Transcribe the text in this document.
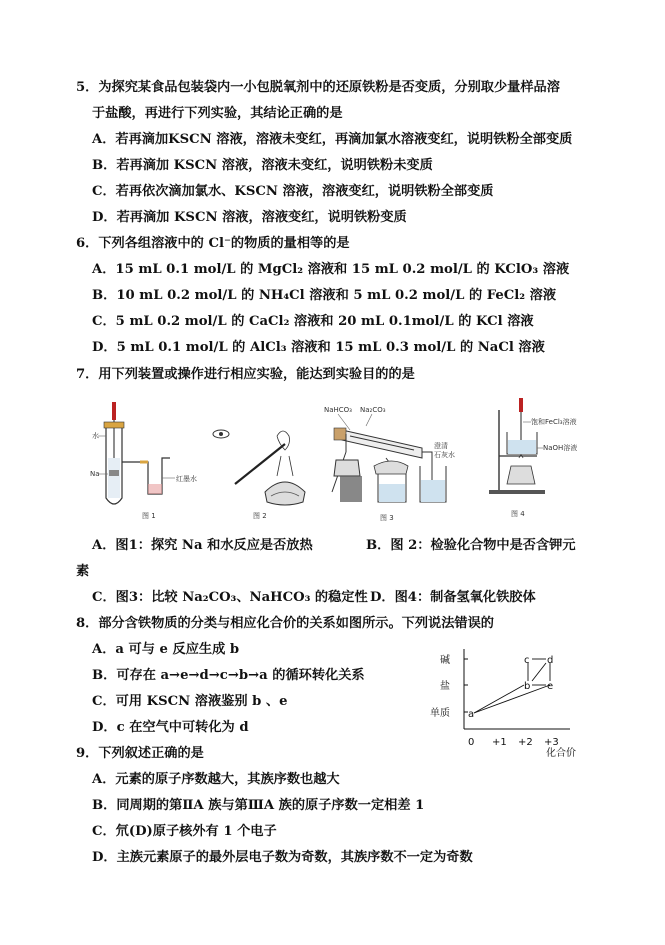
5．为探究某食品包装袋内一小包脱氧剂中的还原铁粉是否变质，分别取少量样品溶
于盐酸，再进行下列实验，其结论正确的是
A．若再滴加KSCN 溶液，溶液未变红，再滴加氯水溶液变红，说明铁粉全部变质
B．若再滴加 KSCN 溶液，溶液未变红，说明铁粉未变质
C．若再依次滴加氯水、KSCN 溶液，溶液变红，说明铁粉全部变质
D．若再滴加 KSCN 溶液，溶液变红，说明铁粉变质
6．下列各组溶液中的 Cl⁻的物质的量相等的是
A．15 mL 0.1 mol/L 的 MgCl₂ 溶液和 15 mL 0.2 mol/L 的 KClO₃ 溶液
B．10 mL 0.2 mol/L 的 NH₄Cl 溶液和 5 mL 0.2 mol/L 的 FeCl₂ 溶液
C．5 mL 0.2 mol/L 的 CaCl₂ 溶液和 20 mL 0.1mol/L 的 KCl 溶液
D．5 mL 0.1 mol/L 的 AlCl₃ 溶液和 15 mL 0.3 mol/L 的 NaCl 溶液
7．用下列装置或操作进行相应实验，能达到实验目的的是
水
Na
红墨水
图 1	图 2
NaHCO₃ Na₂CO₃
澄清
石灰水
图 3
饱和FeCl₃溶液
NaOH溶液
图 4
A．图1：探究 Na 和水反应是否放热	B．图 2：检验化合物中是否含钾元
素
C．图3：比较 Na₂CO₃、NaHCO₃ 的稳定性 D．图4：制备氢氧化铁胶体
8．部分含铁物质的分类与相应化合价的关系如图所示。下列说法错误的
A．a 可与 e 反应生成 b
B．可存在 a→e→d→c→b→a 的循环转化关系
C．可用 KSCN 溶液鉴别 b 、e
D．c 在空气中可转化为 d
碱
盐
单质
0 +1 +2 +3
化合价
a
b
c d
e
9．下列叙述正确的是
A．元素的原子序数越大，其族序数也越大
B．同周期的第ⅡA 族与第ⅢA 族的原子序数一定相差 1
C．氘(D)原子核外有 1 个电子
D．主族元素原子的最外层电子数为奇数，其族序数不一定为奇数
